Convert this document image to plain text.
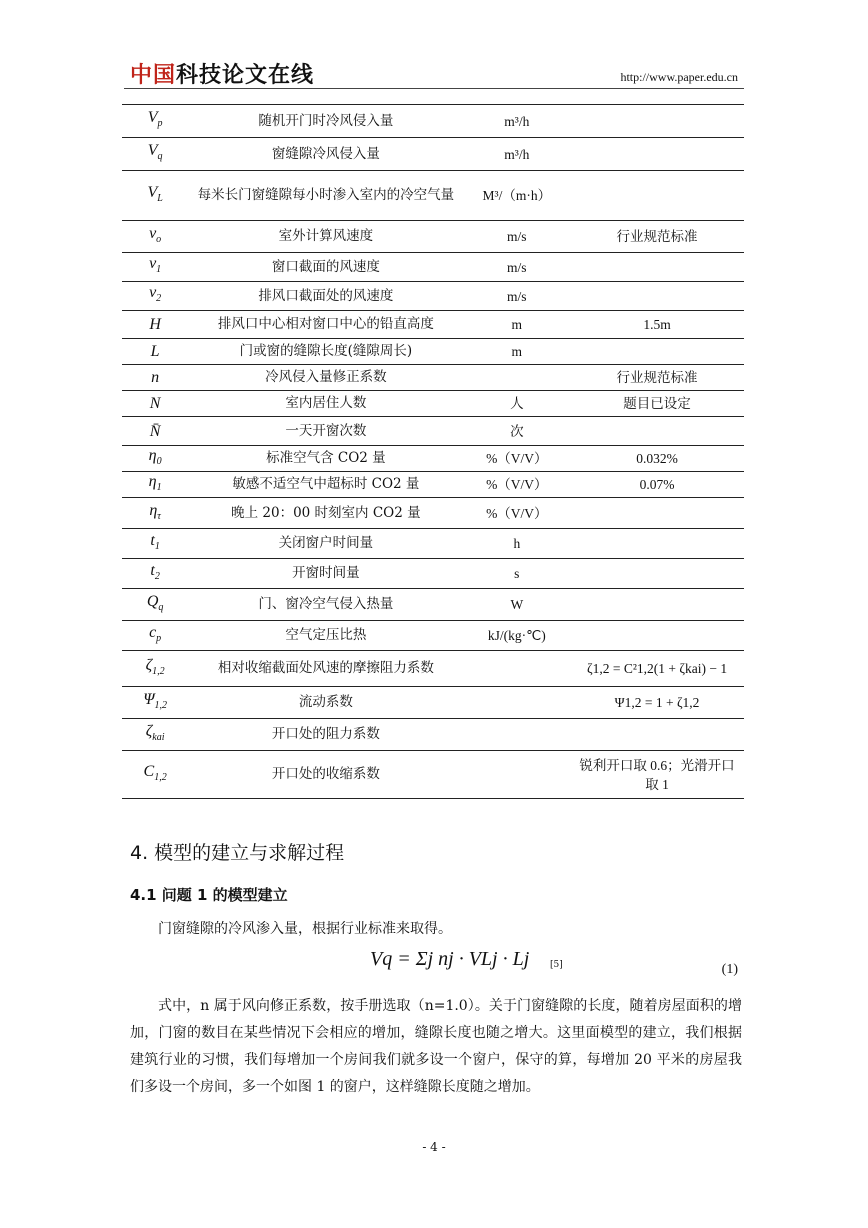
中国科技论文在线	http://www.paper.edu.cn
$V_p$	随机开门时冷风侵入量	m³/h	
$V_q$	窗缝隙冷风侵入量	m³/h	
$V_L$	每米长门窗缝隙每小时渗入室内的冷空气量	M³/（m·h）	
$v_o$	室外计算风速度	m/s	行业规范标准
$v_1$	窗口截面的风速度	m/s	
$v_2$	排风口截面处的风速度	m/s	
H	排风口中心相对窗口中心的铅直高度	m	1.5m
L	门或窗的缝隙长度(缝隙周长)	m	
n	冷风侵入量修正系数		行业规范标准
N	室内居住人数	人	题目已设定
N̄	一天开窗次数	次	
$\eta_0$	标准空气含 CO2 量	%（V/V）	0.032%
$\eta_1$	敏感不适空气中超标时 CO2 量	%（V/V）	0.07%
$\eta_\tau$	晚上 20：00 时刻室内 CO2 量	%（V/V）	
$t_1$	关闭窗户时间量	h	
$t_2$	开窗时间量	s	
$Q_q$	门、窗冷空气侵入热量	W	
$c_p$	空气定压比热	kJ/(kg·℃)	
$\zeta_{1,2}$	相对收缩截面处风速的摩擦阻力系数		ζ1,2 = C²1,2(1 + ζkai) − 1
$\Psi_{1,2}$	流动系数		Ψ1,2 = 1 + ζ1,2
$\zeta_{kai}$	开口处的阻力系数		
$C_{1,2}$	开口处的收缩系数		锐利开口取 0.6；光滑开口取 1
4. 模型的建立与求解过程
4.1 问题 1 的模型建立
门窗缝隙的冷风渗入量，根据行业标准来取得。
Vq = Σj nj · VLj · Lj [5]	(1)
式中，n 属于风向修正系数，按手册选取（n=1.0）。关于门窗缝隙的长度，随着房屋面积的增加，门窗的数目在某些情况下会相应的增加，缝隙长度也随之增大。这里面模型的建立，我们根据建筑行业的习惯，我们每增加一个房间我们就多设一个窗户，保守的算，每增加 20 平米的房屋我们多设一个房间，多一个如图 1 的窗户，这样缝隙长度随之增加。
- 4 -
